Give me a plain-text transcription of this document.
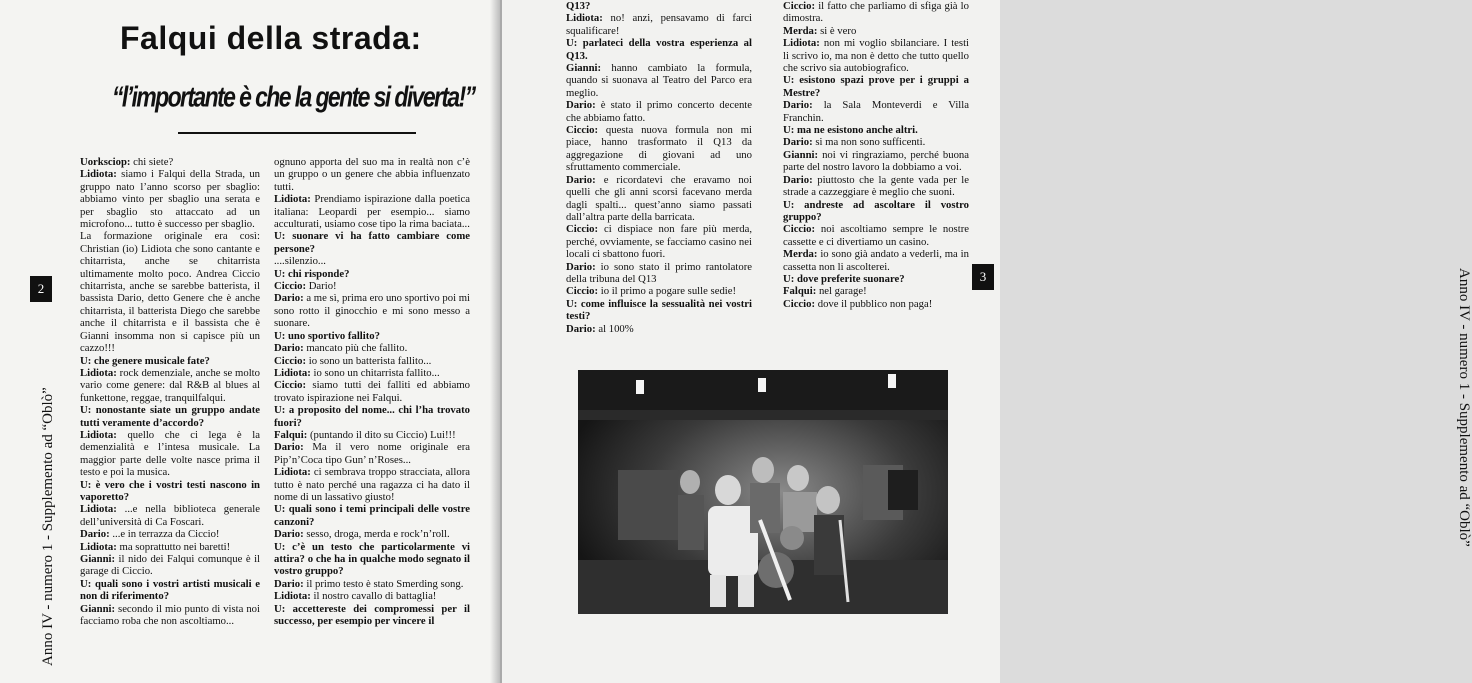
Falqui della strada:
“l’importante è che la gente si diverta!”

Uorksciop: chi siete?

Lidiota: siamo i Falqui della Strada, un gruppo nato l’anno scorso per sbaglio: abbiamo vinto per sbaglio una serata e per sbaglio sto attaccato ad un microfono... tutto è successo per sbaglio.

La formazione originale era così: Christian (io) Lidiota che sono cantante e chitarrista, anche se chitarrista ultimamente molto poco. Andrea Ciccio chitarrista, anche se sarebbe batterista, il bassista Dario, detto Genere che è anche chitarrista, il batterista Diego che sarebbe anche il chitarrista e il bassista che è Gianni insomma non si capisce più un cazzo!!!

U: che genere musicale fate?

Lidiota: rock demenziale, anche se molto vario come genere: dal R&B al blues al funkettone, reggae, tranquilfalqui.

U: nonostante siate un gruppo andate tutti veramente d’accordo?

Lidiota: quello che ci lega è la demenzialità e l’intesa musicale. La maggior parte delle volte nasce prima il testo e poi la musica.

U: è vero che i vostri testi nascono in vaporetto?

Lidiota: ...e nella biblioteca generale dell’università di Ca Foscari.

Dario: ...e in terrazza da Ciccio!

Lidiota: ma soprattutto nei baretti!

Gianni: il nido dei Falqui comunque è il garage di Ciccio.

U: quali sono i vostri artisti musicali e non di riferimento?

Gianni: secondo il mio punto di vista noi facciamo roba che non ascoltiamo...

ognuno apporta del suo ma in realtà non c’è un gruppo o un genere che abbia influenzato tutti.

Lidiota: Prendiamo ispirazione dalla poetica italiana: Leopardi per esempio... siamo acculturati, usiamo cose tipo la rima baciata...

U: suonare vi ha fatto cambiare come persone?

....silenzio...

U: chi risponde?

Ciccio: Dario!

Dario: a me sì, prima ero uno sportivo poi mi sono rotto il ginocchio e mi sono messo a suonare.

U: uno sportivo fallito?

Dario: mancato più che fallito.

Ciccio: io sono un batterista fallito...

Lidiota: io sono un chitarrista fallito...

Ciccio: siamo tutti dei falliti ed abbiamo trovato ispirazione nei Falqui.

U: a proposito del nome... chi l’ha trovato fuori?

Falqui: (puntando il dito su Ciccio) Lui!!!

Dario: Ma il vero nome originale era Pip’n’Coca tipo Gun’ n’Roses...

Lidiota: ci sembrava troppo stracciata, allora tutto è nato perché una ragazza ci ha dato il nome di un lassativo giusto!

U: quali sono i temi principali delle vostre canzoni?

Dario: sesso, droga, merda e rock’n’roll.

U: c’è un testo che particolarmente vi attira? o che ha in qualche modo segnato il vostro gruppo?

Dario: il primo testo è stato Smerding song.

Lidiota: il nostro cavallo di battaglia!

U: accettereste dei compromessi per il successo, per esempio per vincere il

Anno IV - numero 1 - Supplemento ad “Oblò”
2

Q13?

Lidiota: no! anzi, pensavamo di farci squalificare!

U: parlateci della vostra esperienza al Q13.

Gianni: hanno cambiato la formula, quando si suonava al Teatro del Parco era meglio.

Dario: è stato il primo concerto decente che abbiamo fatto.

Ciccio: questa nuova formula non mi piace, hanno trasformato il Q13 da aggregazione di giovani ad uno sfruttamento commerciale.

Dario: e ricordatevi che eravamo noi quelli che gli anni scorsi facevano merda dagli spalti... quest’anno siamo passati dall’altra parte della barricata.

Ciccio: ci dispiace non fare più merda, perché, ovviamente, se facciamo casino nei locali ci sbattono fuori.

Dario: io sono stato il primo rantolatore della tribuna del Q13

Ciccio: io il primo a pogare sulle sedie!

U: come influisce la sessualità nei vostri testi?

Dario: al 100%

Ciccio: il fatto che parliamo di sfiga già lo dimostra.

Merda: si è vero

Lidiota: non mi voglio sbilanciare. I testi li scrivo io, ma non è detto che tutto quello che scrivo sia autobiografico.

U: esistono spazi prove per i gruppi a Mestre?

Dario: la Sala Monteverdi e Villa Franchin.

U: ma ne esistono anche altri.

Dario: si ma non sono sufficenti.

Gianni: noi vi ringraziamo, perché buona parte del nostro lavoro la dobbiamo a voi.

Dario: piuttosto che la gente vada per le strade a cazzeggiare è meglio che suoni.

U: andreste ad ascoltare il vostro gruppo?

Ciccio: noi ascoltiamo sempre le nostre cassette e ci divertiamo un casino.

Merda: io sono già andato a vederli, ma in cassetta non li ascolterei.

U: dove preferite suonare?

Falqui: nel garage!

Ciccio: dove il pubblico non paga!	Anno IV - numero 1 - Supplemento ad “Oblò”
3
